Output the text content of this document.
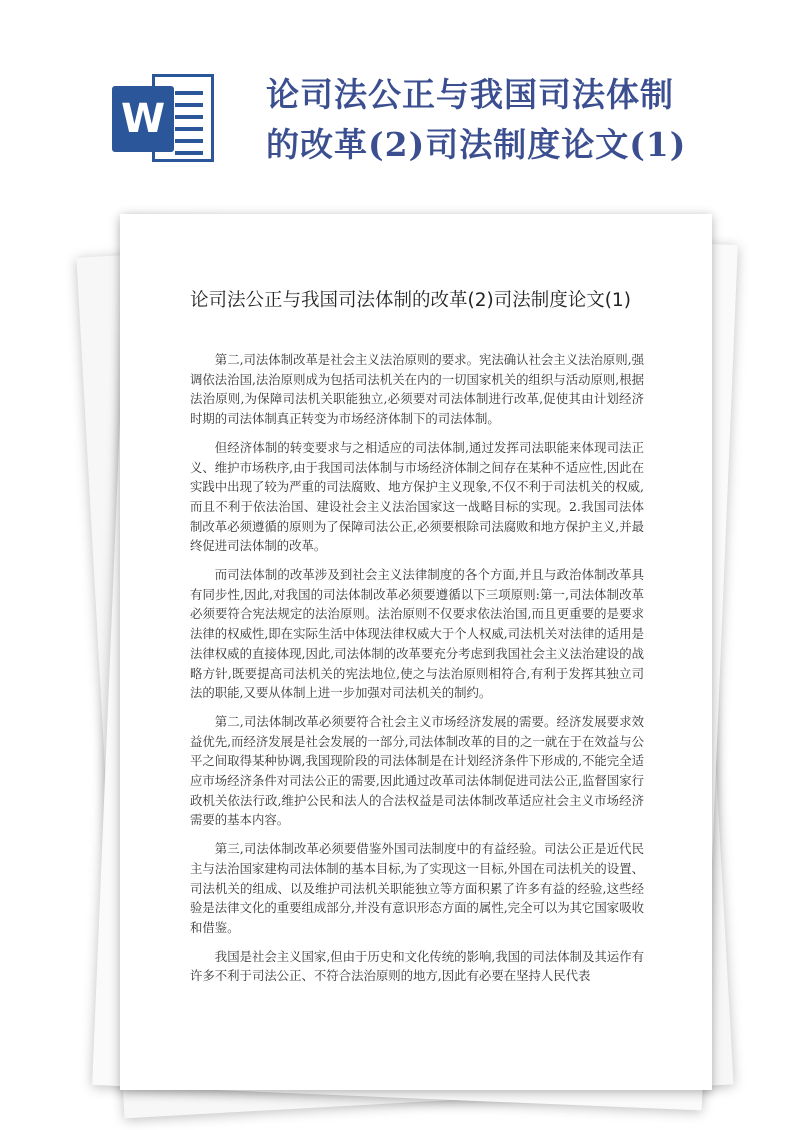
W
论司法公正与我国司法体制的改革(2)司法制度论文(1)
论司法公正与我国司法体制的改革(2)司法制度论文(1)

第二,司法体制改革是社会主义法治原则的要求。宪法确认社会主义法治原则,强调依法治国,法治原则成为包括司法机关在内的一切国家机关的组织与活动原则,根据法治原则,为保障司法机关职能独立,必须要对司法体制进行改革,促使其由计划经济时期的司法体制真正转变为市场经济体制下的司法体制。

但经济体制的转变要求与之相适应的司法体制,通过发挥司法职能来体现司法正义、维护市场秩序,由于我国司法体制与市场经济体制之间存在某种不适应性,因此在实践中出现了较为严重的司法腐败、地方保护主义现象,不仅不利于司法机关的权威,而且不利于依法治国、建设社会主义法治国家这一战略目标的实现。2.我国司法体制改革必须遵循的原则为了保障司法公正,必须要根除司法腐败和地方保护主义,并最终促进司法体制的改革。

而司法体制的改革涉及到社会主义法律制度的各个方面,并且与政治体制改革具有同步性,因此,对我国的司法体制改革必须要遵循以下三项原则:第一,司法体制改革必须要符合宪法规定的法治原则。法治原则不仅要求依法治国,而且更重要的是要求法律的权威性,即在实际生活中体现法律权威大于个人权威,司法机关对法律的适用是法律权威的直接体现,因此,司法体制的改革要充分考虑到我国社会主义法治建设的战略方针,既要提高司法机关的宪法地位,使之与法治原则相符合,有利于发挥其独立司法的职能,又要从体制上进一步加强对司法机关的制约。

第二,司法体制改革必须要符合社会主义市场经济发展的需要。经济发展要求效益优先,而经济发展是社会发展的一部分,司法体制改革的目的之一就在于在效益与公平之间取得某种协调,我国现阶段的司法体制是在计划经济条件下形成的,不能完全适应市场经济条件对司法公正的需要,因此通过改革司法体制促进司法公正,监督国家行政机关依法行政,维护公民和法人的合法权益是司法体制改革适应社会主义市场经济需要的基本内容。

第三,司法体制改革必须要借鉴外国司法制度中的有益经验。司法公正是近代民主与法治国家建构司法体制的基本目标,为了实现这一目标,外国在司法机关的设置、司法机关的组成、以及维护司法机关职能独立等方面积累了许多有益的经验,这些经验是法律文化的重要组成部分,并没有意识形态方面的属性,完全可以为其它国家吸收和借鉴。

我国是社会主义国家,但由于历史和文化传统的影响,我国的司法体制及其运作有许多不利于司法公正、不符合法治原则的地方,因此有必要在坚持人民代表
